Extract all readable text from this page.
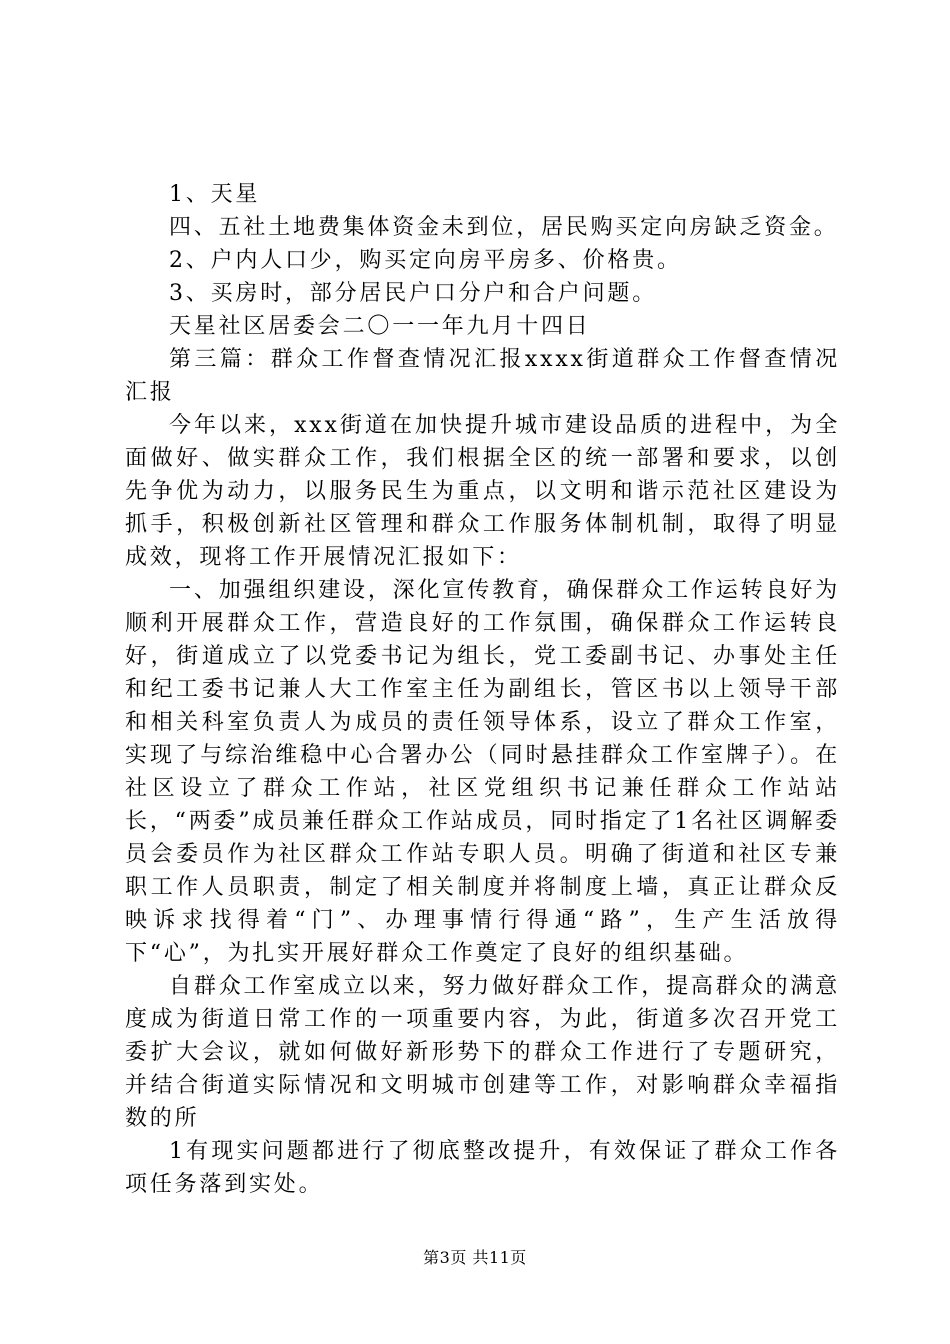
1、天星

四、五社土地费集体资金未到位，居民购买定向房缺乏资金。

2、户内人口少，购买定向房平房多、价格贵。

3、买房时，部分居民户口分户和合户问题。

天星社区居委会二〇一一年九月十四日

第三篇：群众工作督查情况汇报xxxx街道群众工作督查情况汇报

今年以来，xxx街道在加快提升城市建设品质的进程中，为全面做好、做实群众工作，我们根据全区的统一部署和要求，以创先争优为动力，以服务民生为重点，以文明和谐示范社区建设为抓手，积极创新社区管理和群众工作服务体制机制，取得了明显成效，现将工作开展情况汇报如下：

一、加强组织建设，深化宣传教育，确保群众工作运转良好为顺利开展群众工作，营造良好的工作氛围，确保群众工作运转良好，街道成立了以党委书记为组长，党工委副书记、办事处主任和纪工委书记兼人大工作室主任为副组长，管区书以上领导干部和相关科室负责人为成员的责任领导体系，设立了群众工作室，实现了与综治维稳中心合署办公（同时悬挂群众工作室牌子）。在社区设立了群众工作站，社区党组织书记兼任群众工作站站长，“两委”成员兼任群众工作站成员，同时指定了1名社区调解委员会委员作为社区群众工作站专职人员。明确了街道和社区专兼职工作人员职责，制定了相关制度并将制度上墙，真正让群众反映诉求找得着“门”、办理事情行得通“路”，生产生活放得下“心”，为扎实开展好群众工作奠定了良好的组织基础。

自群众工作室成立以来，努力做好群众工作，提高群众的满意度成为街道日常工作的一项重要内容，为此，街道多次召开党工委扩大会议，就如何做好新形势下的群众工作进行了专题研究，并结合街道实际情况和文明城市创建等工作，对影响群众幸福指数的所

1有现实问题都进行了彻底整改提升，有效保证了群众工作各项任务落到实处。

第3页 共11页
